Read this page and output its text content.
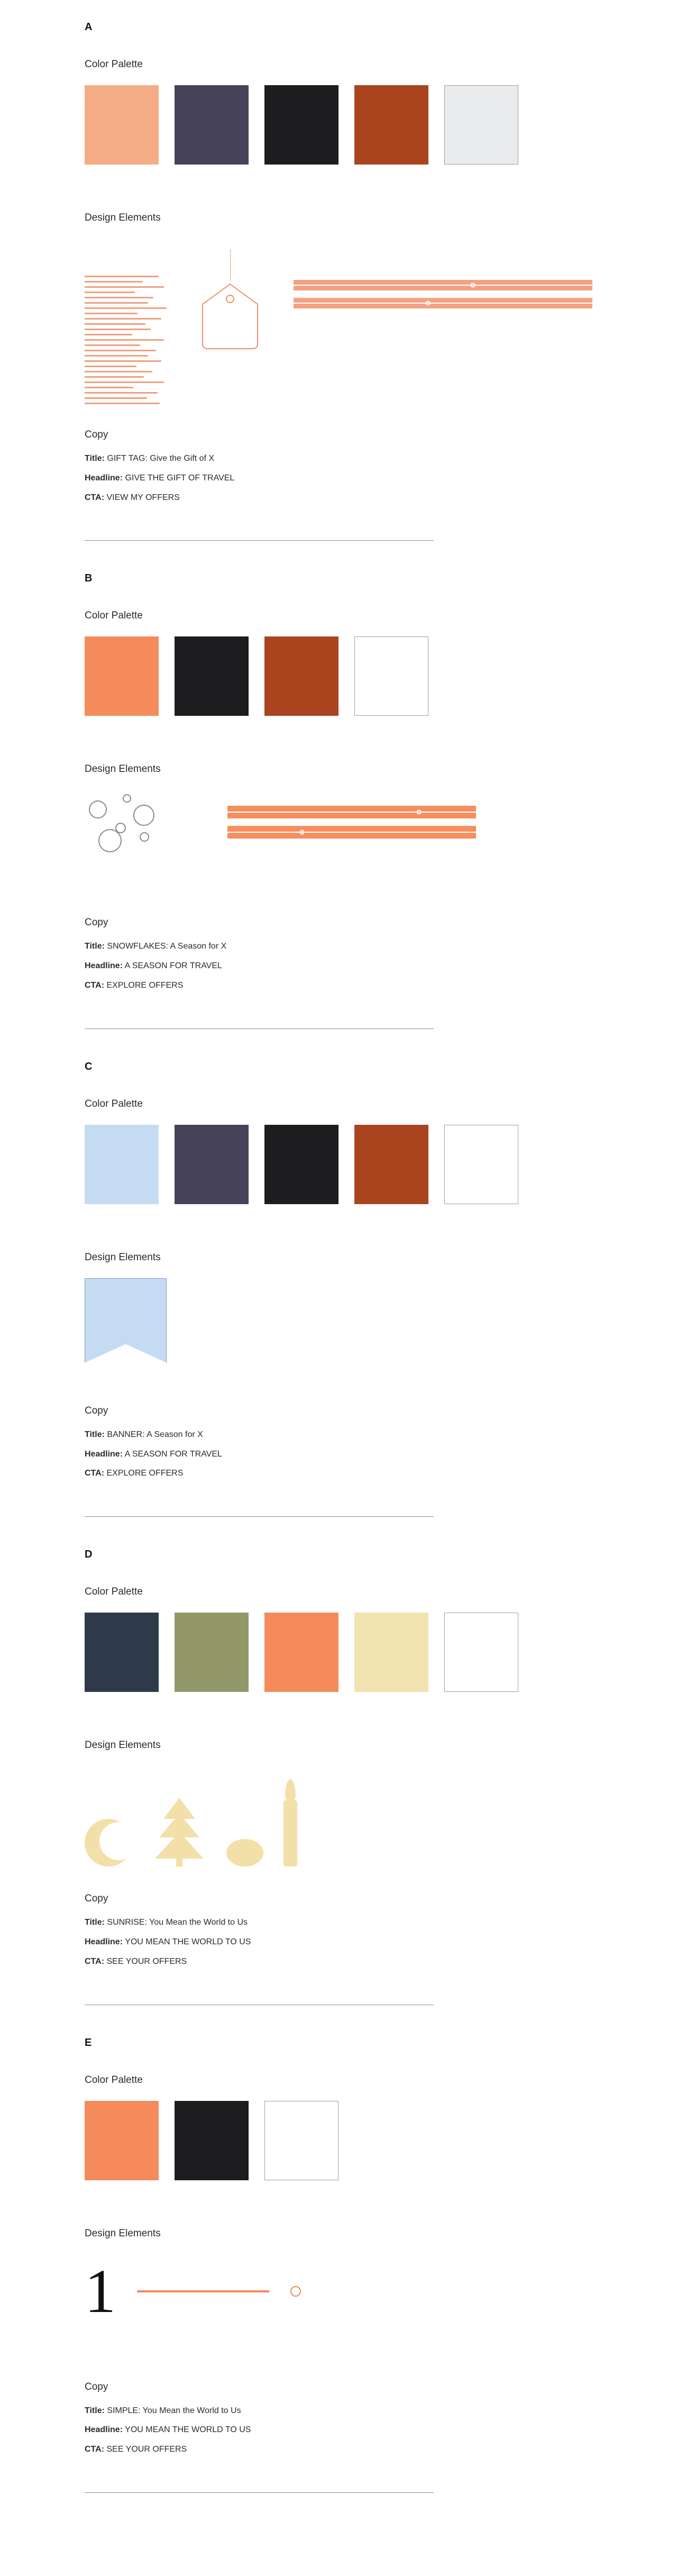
A
Color Palette
Design Elements
Copy
Title: GIFT TAG: Give the Gift of X
Headline: GIVE THE GIFT OF TRAVEL
CTA: VIEW MY OFFERS
B
Color Palette
Design Elements
Copy
Title: SNOWFLAKES: A Season for X
Headline: A SEASON FOR TRAVEL
CTA: EXPLORE OFFERS
C
Color Palette
Design Elements
Copy
Title: BANNER: A Season for X
Headline: A SEASON FOR TRAVEL
CTA: EXPLORE OFFERS
D
Color Palette
Design Elements
Copy
Title: SUNRISE: You Mean the World to Us
Headline: YOU MEAN THE WORLD TO US
CTA: SEE YOUR OFFERS
E
Color Palette
Design Elements
1
Copy
Title: SIMPLE: You Mean the World to Us
Headline: YOU MEAN THE WORLD TO US
CTA: SEE YOUR OFFERS
